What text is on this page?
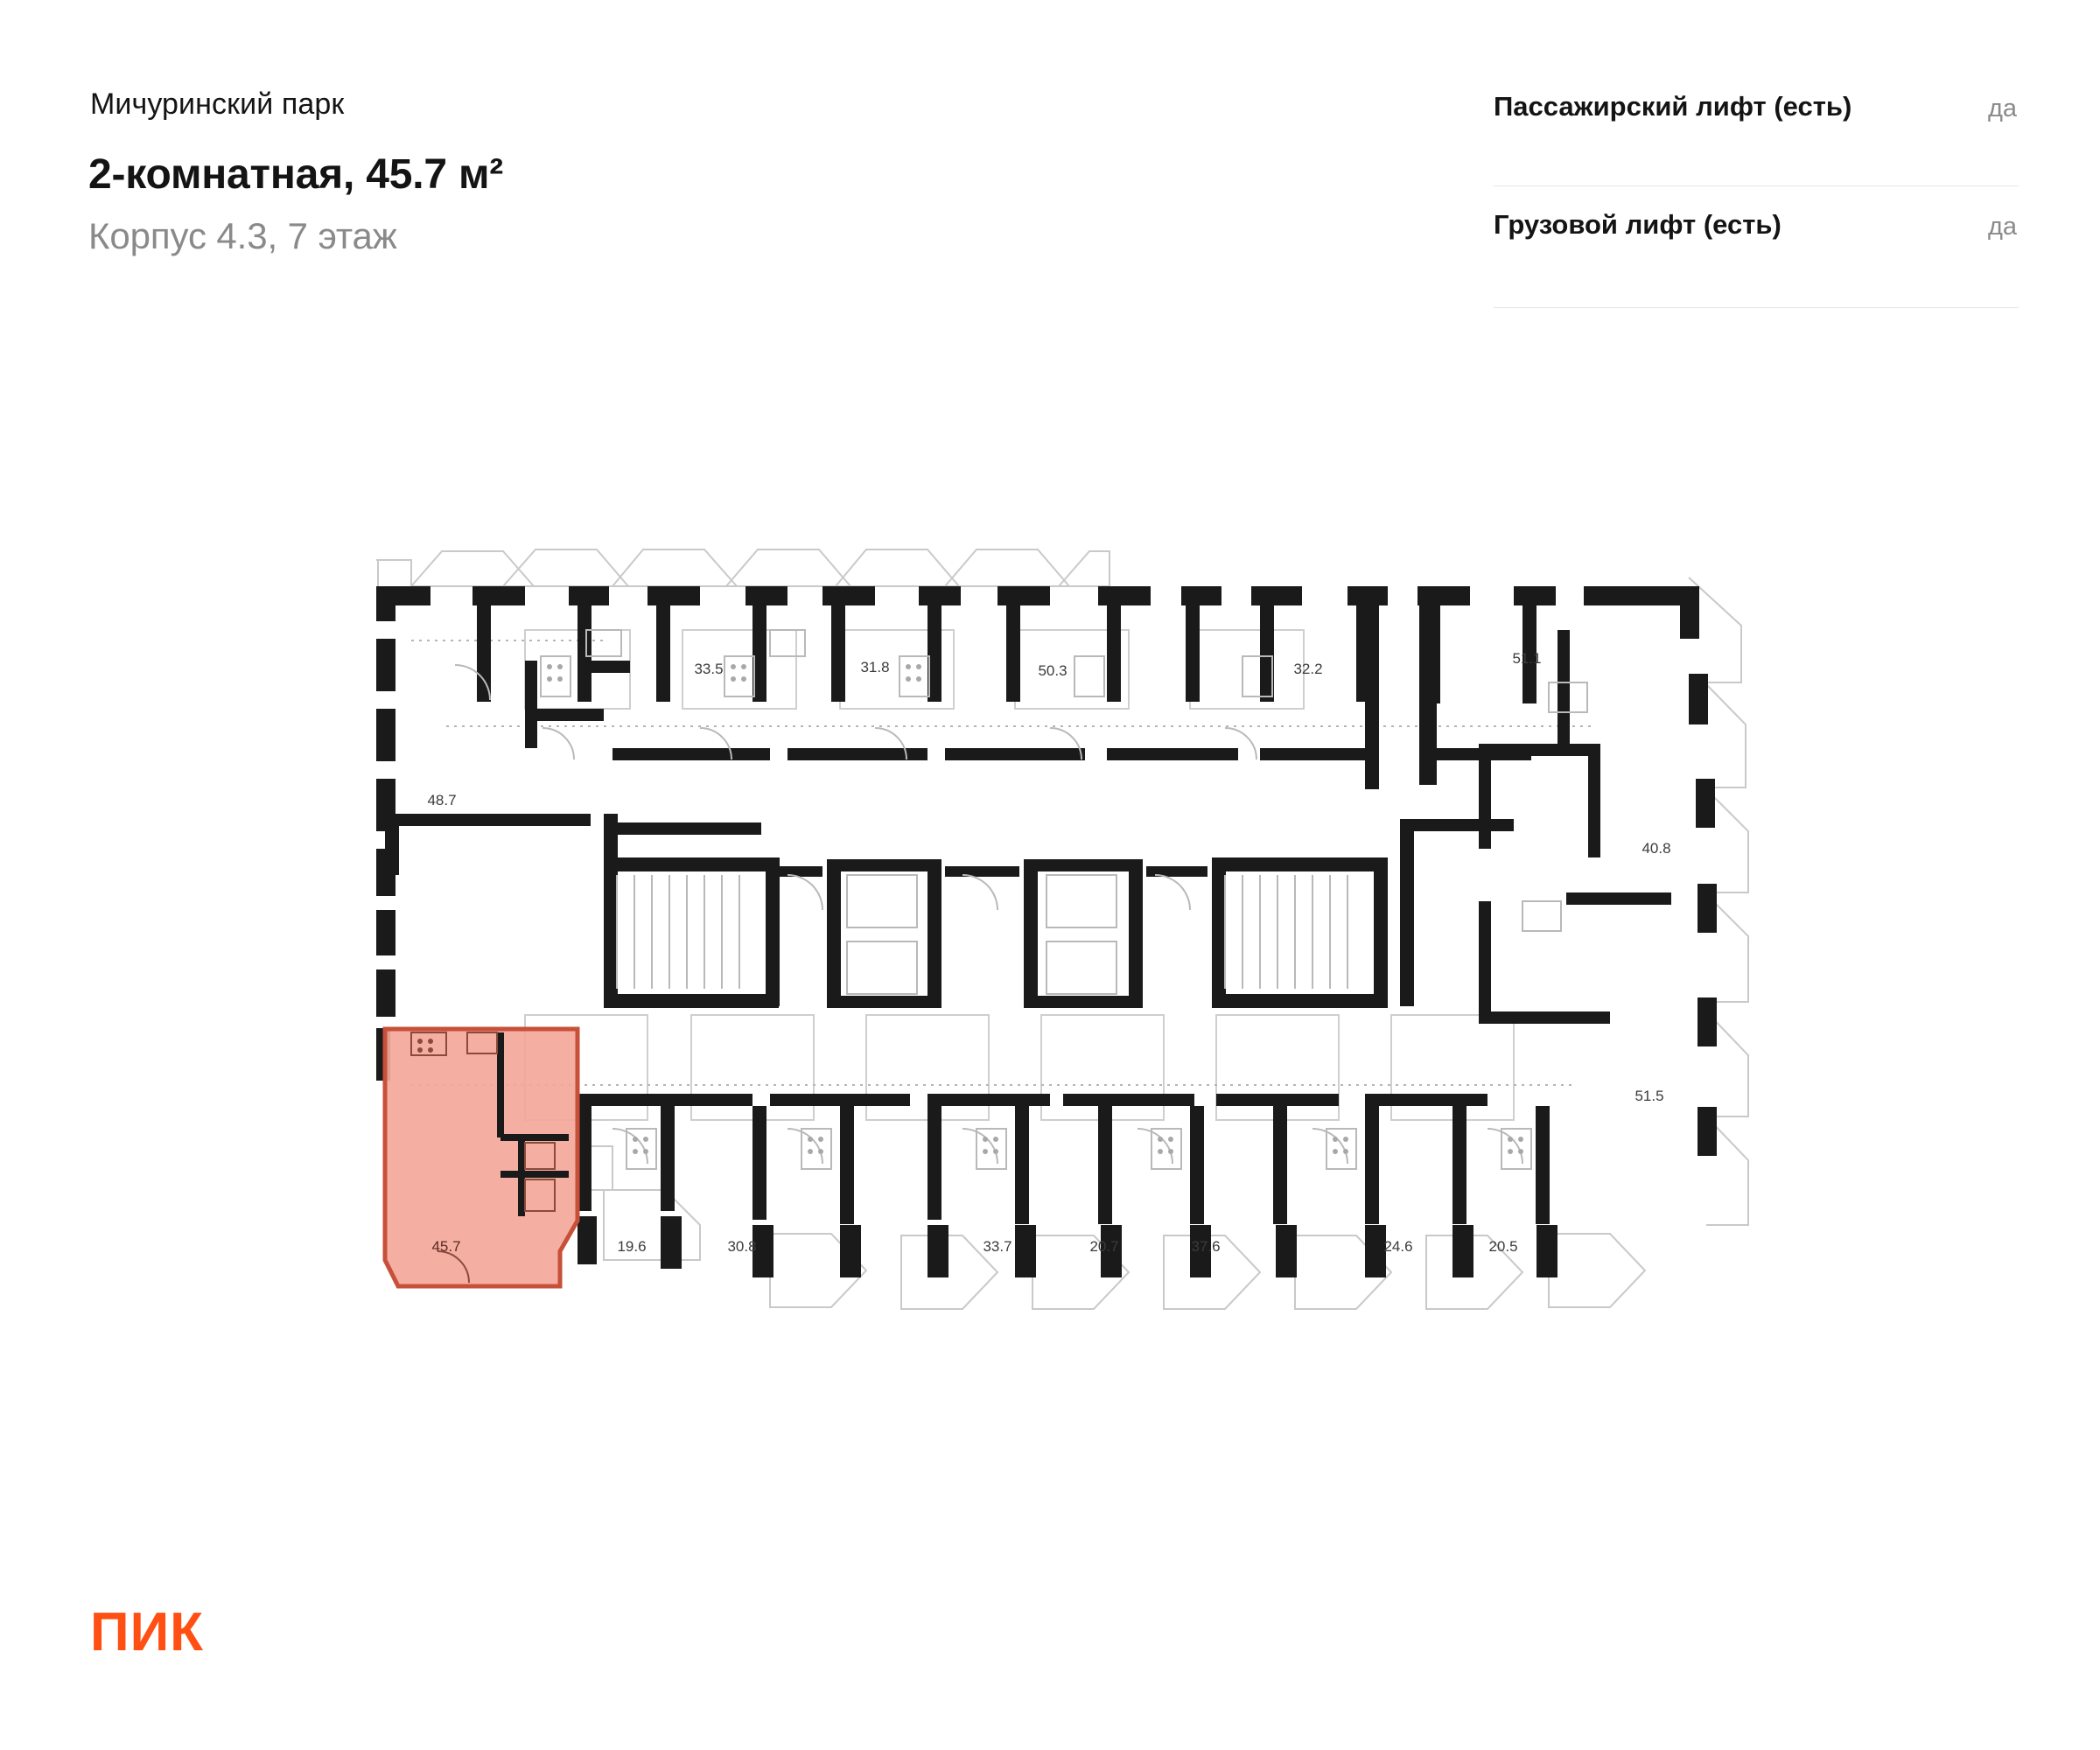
Мичуринский парк
2-комнатная, 45.7 м²
Корпус 4.3, 7 этаж
Пассажирский лифт (есть)	да
Грузовой лифт (есть)	да
48.7
33.5	31.8	50.3	32.2
51.1
40.8
51.5
45.7	19.6	30.8	33.7	20.7	37.6	24.6	20.5
ПИК
